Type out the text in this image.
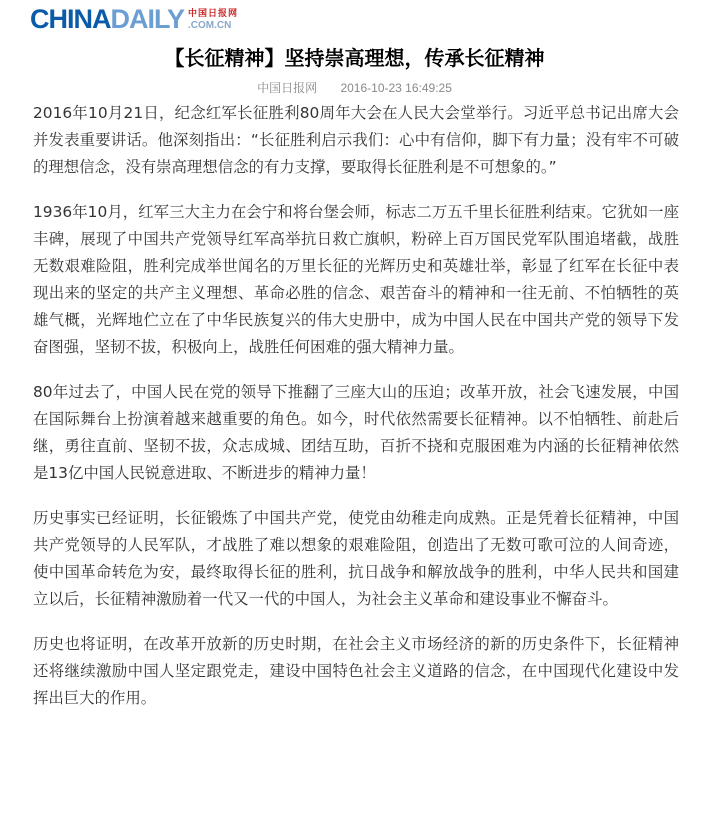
CHINADAILY 中国日报网
.COM.CN
【长征精神】坚持崇高理想，传承长征精神
中国日报网 2016-10-23 16:49:25

2016年10月21日，纪念红军长征胜利80周年大会在人民大会堂举行。习近平总书记出席大会并发表重要讲话。他深刻指出：“长征胜利启示我们：心中有信仰，脚下有力量；没有牢不可破的理想信念，没有崇高理想信念的有力支撑，要取得长征胜利是不可想象的。”

1936年10月，红军三大主力在会宁和将台堡会师，标志二万五千里长征胜利结束。它犹如一座丰碑，展现了中国共产党领导红军高举抗日救亡旗帜，粉碎上百万国民党军队围追堵截，战胜无数艰难险阻，胜利完成举世闻名的万里长征的光辉历史和英雄壮举，彰显了红军在长征中表现出来的坚定的共产主义理想、革命必胜的信念、艰苦奋斗的精神和一往无前、不怕牺牲的英雄气概，光辉地伫立在了中华民族复兴的伟大史册中，成为中国人民在中国共产党的领导下发奋图强，坚韧不拔，积极向上，战胜任何困难的强大精神力量。

80年过去了，中国人民在党的领导下推翻了三座大山的压迫；改革开放，社会飞速发展，中国在国际舞台上扮演着越来越重要的角色。如今，时代依然需要长征精神。以不怕牺牲、前赴后继，勇往直前、坚韧不拔，众志成城、团结互助，百折不挠和克服困难为内涵的长征精神依然是13亿中国人民锐意进取、不断进步的精神力量！

历史事实已经证明，长征锻炼了中国共产党，使党由幼稚走向成熟。正是凭着长征精神，中国共产党领导的人民军队，才战胜了难以想象的艰难险阻，创造出了无数可歌可泣的人间奇迹，使中国革命转危为安，最终取得长征的胜利，抗日战争和解放战争的胜利，中华人民共和国建立以后，长征精神激励着一代又一代的中国人，为社会主义革命和建设事业不懈奋斗。

历史也将证明，在改革开放新的历史时期，在社会主义市场经济的新的历史条件下，长征精神还将继续激励中国人坚定跟党走，建设中国特色社会主义道路的信念，在中国现代化建设中发挥出巨大的作用。
